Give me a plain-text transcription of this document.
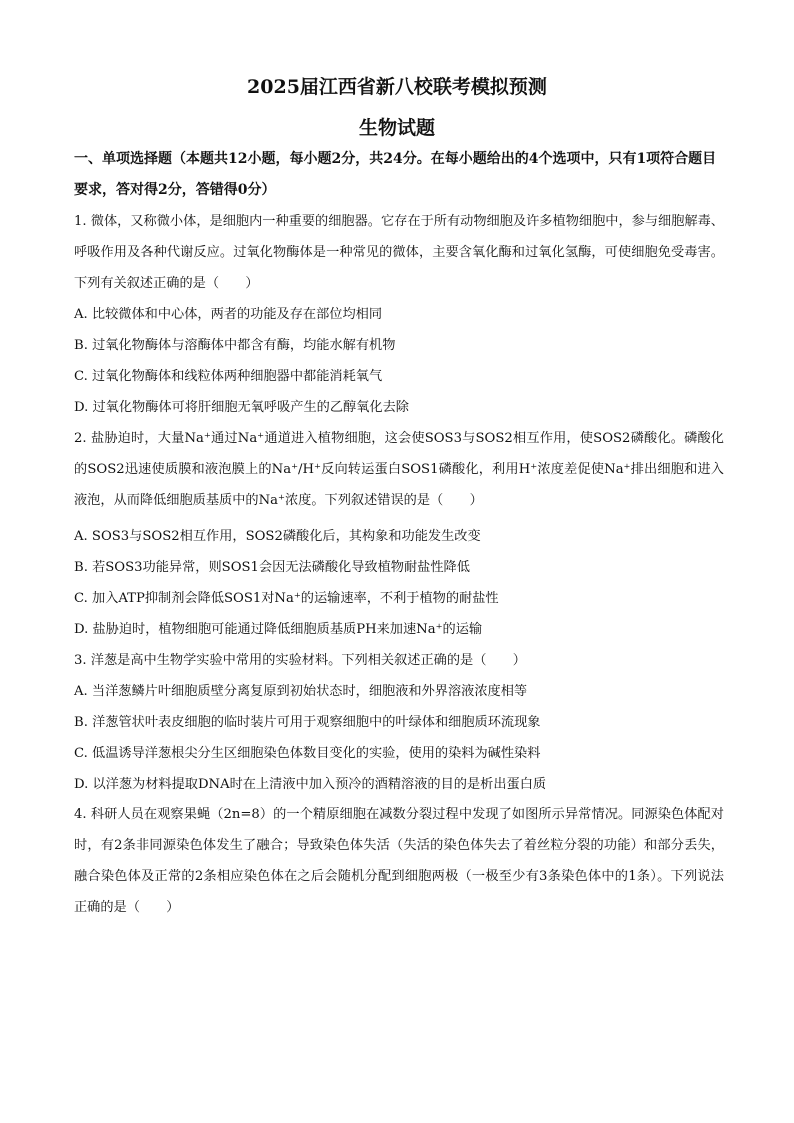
2025届江西省新八校联考模拟预测
生物试题
一、单项选择题（本题共12小题，每小题2分，共24分。在每小题给出的4个选项中，只有1项符合题目要求，答对得2分，答错得0分）
1. 微体，又称微小体，是细胞内一种重要的细胞器。它存在于所有动物细胞及许多植物细胞中，参与细胞解毒、呼吸作用及各种代谢反应。过氧化物酶体是一种常见的微体，主要含氧化酶和过氧化氢酶，可使细胞免受毒害。下列有关叙述正确的是（　　）
A. 比较微体和中心体，两者的功能及存在部位均相同
B. 过氧化物酶体与溶酶体中都含有酶，均能水解有机物
C. 过氧化物酶体和线粒体两种细胞器中都能消耗氧气
D. 过氧化物酶体可将肝细胞无氧呼吸产生的乙醇氧化去除
2. 盐胁迫时，大量Na⁺通过Na⁺通道进入植物细胞，这会使SOS3与SOS2相互作用，使SOS2磷酸化。磷酸化的SOS2迅速使质膜和液泡膜上的Na⁺/H⁺反向转运蛋白SOS1磷酸化，利用H⁺浓度差促使Na⁺排出细胞和进入液泡，从而降低细胞质基质中的Na⁺浓度。下列叙述错误的是（　　）
A. SOS3与SOS2相互作用，SOS2磷酸化后，其构象和功能发生改变
B. 若SOS3功能异常，则SOS1会因无法磷酸化导致植物耐盐性降低
C. 加入ATP抑制剂会降低SOS1对Na⁺的运输速率，不利于植物的耐盐性
D. 盐胁迫时，植物细胞可能通过降低细胞质基质PH来加速Na⁺的运输
3. 洋葱是高中生物学实验中常用的实验材料。下列相关叙述正确的是（　　）
A. 当洋葱鳞片叶细胞质壁分离复原到初始状态时，细胞液和外界溶液浓度相等
B. 洋葱管状叶表皮细胞的临时装片可用于观察细胞中的叶绿体和细胞质环流现象
C. 低温诱导洋葱根尖分生区细胞染色体数目变化的实验，使用的染料为碱性染料
D. 以洋葱为材料提取DNA时在上清液中加入预冷的酒精溶液的目的是析出蛋白质
4. 科研人员在观察果蝇（2n=8）的一个精原细胞在减数分裂过程中发现了如图所示异常情况。同源染色体配对时，有2条非同源染色体发生了融合；导致染色体失活（失活的染色体失去了着丝粒分裂的功能）和部分丢失，融合染色体及正常的2条相应染色体在之后会随机分配到细胞两极（一极至少有3条染色体中的1条）。下列说法正确的是（　　）
